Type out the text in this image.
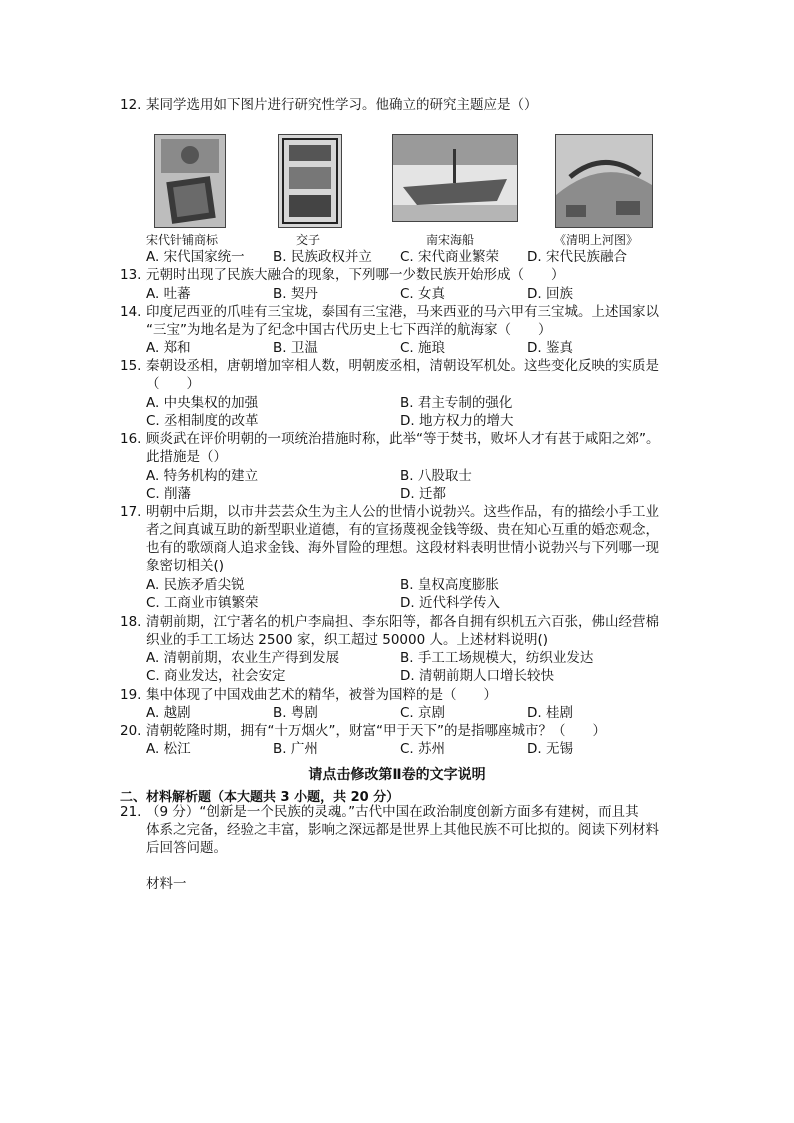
12. 某同学选用如下图片进行研究性学习。他确立的研究主题应是（）
宋代针铺商标	交子	南宋海船	《清明上河图》
A. 宋代国家统一 B. 民族政权并立 C. 宋代商业繁荣 D. 宋代民族融合
13. 元朝时出现了民族大融合的现象，下列哪一少数民族开始形成（　　）
A. 吐蕃	B. 契丹	C. 女真	D. 回族
14. 印度尼西亚的爪哇有三宝垅，泰国有三宝港，马来西亚的马六甲有三宝城。上述国家以
“三宝”为地名是为了纪念中国古代历史上七下西洋的航海家（　　）
A. 郑和	B. 卫温	C. 施琅	D. 鉴真
15. 秦朝设丞相，唐朝增加宰相人数，明朝废丞相，清朝设军机处。这些变化反映的实质是
（　　）
A. 中央集权的加强	B. 君主专制的强化
C. 丞相制度的改革	D. 地方权力的增大
16. 顾炎武在评价明朝的一项统治措施时称，此举“等于焚书，败坏人才有甚于咸阳之郊”。
此措施是（）
A. 特务机构的建立	B. 八股取士
C. 削藩	D. 迁都
17. 明朝中后期，以市井芸芸众生为主人公的世情小说勃兴。这些作品，有的描绘小手工业
者之间真诚互助的新型职业道德，有的宣扬蔑视金钱等级、贵在知心互重的婚恋观念，
也有的歌颂商人追求金钱、海外冒险的理想。这段材料表明世情小说勃兴与下列哪一现
象密切相关()
A. 民族矛盾尖锐	B. 皇权高度膨胀
C. 工商业市镇繁荣	D. 近代科学传入
18. 清朝前期，江宁著名的机户李扁担、李东阳等，都各自拥有织机五六百张，佛山经营棉
织业的手工工场达 2500 家，织工超过 50000 人。上述材料说明()
A. 清朝前期，农业生产得到发展	B. 手工工场规模大，纺织业发达
C. 商业发达，社会安定	D. 清朝前期人口增长较快
19. 集中体现了中国戏曲艺术的精华，被誉为国粹的是（　　）
A. 越剧	B. 粤剧	C. 京剧	D. 桂剧
20. 清朝乾隆时期，拥有“十万烟火”，财富“甲于天下”的是指哪座城市？（　　）
A. 松江	B. 广州	C. 苏州	D. 无锡
请点击修改第Ⅱ卷的文字说明
二、材料解析题（本大题共 3 小题，共 20 分）
21. （9 分）“创新是一个民族的灵魂。”古代中国在政治制度创新方面多有建树，而且其
体系之完备，经验之丰富，影响之深远都是世界上其他民族不可比拟的。阅读下列材料
后回答问题。
材料一
